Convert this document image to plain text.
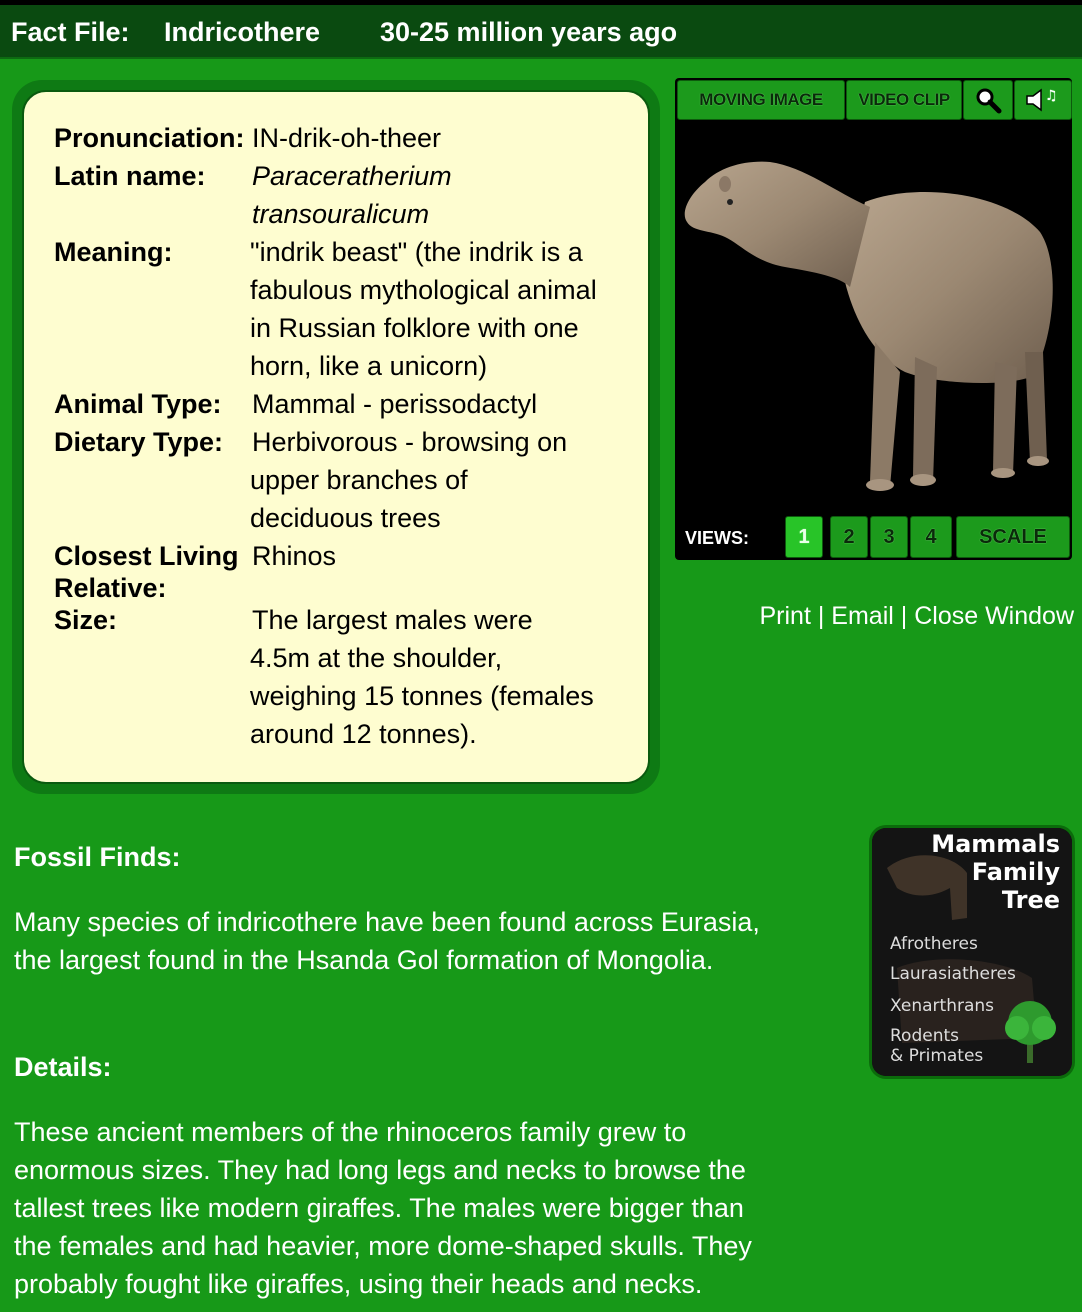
Fact File: Indricothere 30-25 million years ago
Pronunciation: IN-drik-oh-theer
Latin name:	Paraceratherium
transouralicum
Meaning:	"indrik beast" (the indrik is a
fabulous mythological animal
in Russian folklore with one
horn, like a unicorn)
Animal Type:	Mammal - perissodactyl
Dietary Type:	Herbivorous - browsing on
upper branches of
deciduous trees
Closest Living
Relative:
Rhinos
Size:	The largest males were
4.5m at the shoulder,
weighing 15 tonnes (females
around 12 tonnes).
MOVING IMAGE	VIDEO CLIP	♫
VIEWS:	1	2	3	4	SCALE
Print | Email | Close Window
Fossil Finds:
Many species of indricothere have been found across Eurasia,
the largest found in the Hsanda Gol formation of Mongolia.
Details:
These ancient members of the rhinoceros family grew to
enormous sizes. They had long legs and necks to browse the
tallest trees like modern giraffes. The males were bigger than
the females and had heavier, more dome-shaped skulls. They
probably fought like giraffes, using their heads and necks.
Mammals
Family
Tree
Afrotheres
Laurasiatheres
Xenarthrans
Rodents
& Primates
